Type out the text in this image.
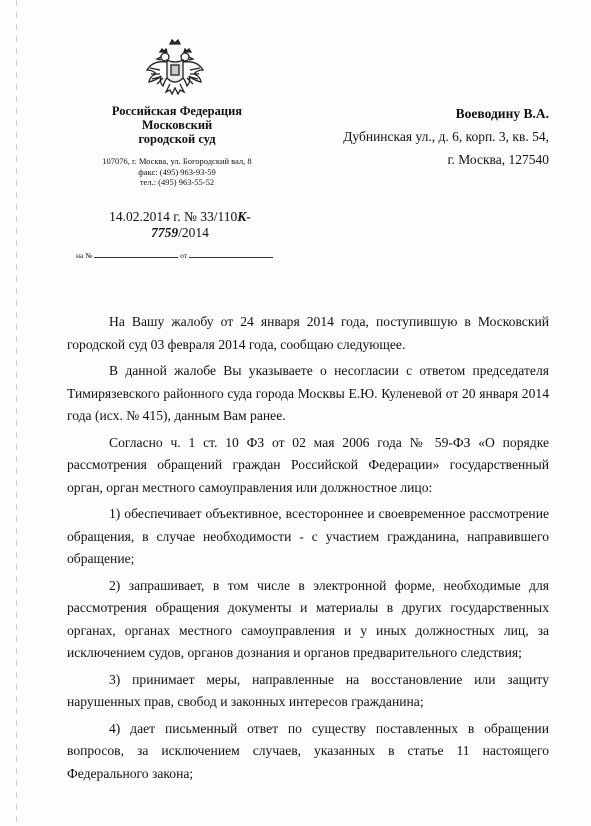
Российская Федерация
Московский
городской суд
107076, г. Москва, ул. Богородский вал, 8
факс: (495) 963-93-59
тел.: (495) 963-55-52
14.02.2014 г. № 33/110К-
7759/2014
на №	от
Воеводину В.А.
Дубнинская ул., д. 6, корп. 3, кв. 54,
г. Москва, 127540

На Вашу жалобу от 24 января 2014 года, поступившую в Московский городской суд 03 февраля 2014 года, сообщаю следующее.

В данной жалобе Вы указываете о несогласии с ответом председателя Тимирязевского районного суда города Москвы Е.Ю. Куленевой от 20 января 2014 года (исх. № 415), данным Вам ранее.

Согласно ч. 1 ст. 10 ФЗ от 02 мая 2006 года № 59-ФЗ «О порядке рассмотрения обращений граждан Российской Федерации» государственный орган, орган местного самоуправления или должностное лицо:

1) обеспечивает объективное, всестороннее и своевременное рассмотрение обращения, в случае необходимости - с участием гражданина, направившего обращение;

2) запрашивает, в том числе в электронной форме, необходимые для рассмотрения обращения документы и материалы в других государственных органах, органах местного самоуправления и у иных должностных лиц, за исключением судов, органов дознания и органов предварительного следствия;

3) принимает меры, направленные на восстановление или защиту нарушенных прав, свобод и законных интересов гражданина;

4) дает письменный ответ по существу поставленных в обращении вопросов, за исключением случаев, указанных в статье 11 настоящего Федерального закона;
